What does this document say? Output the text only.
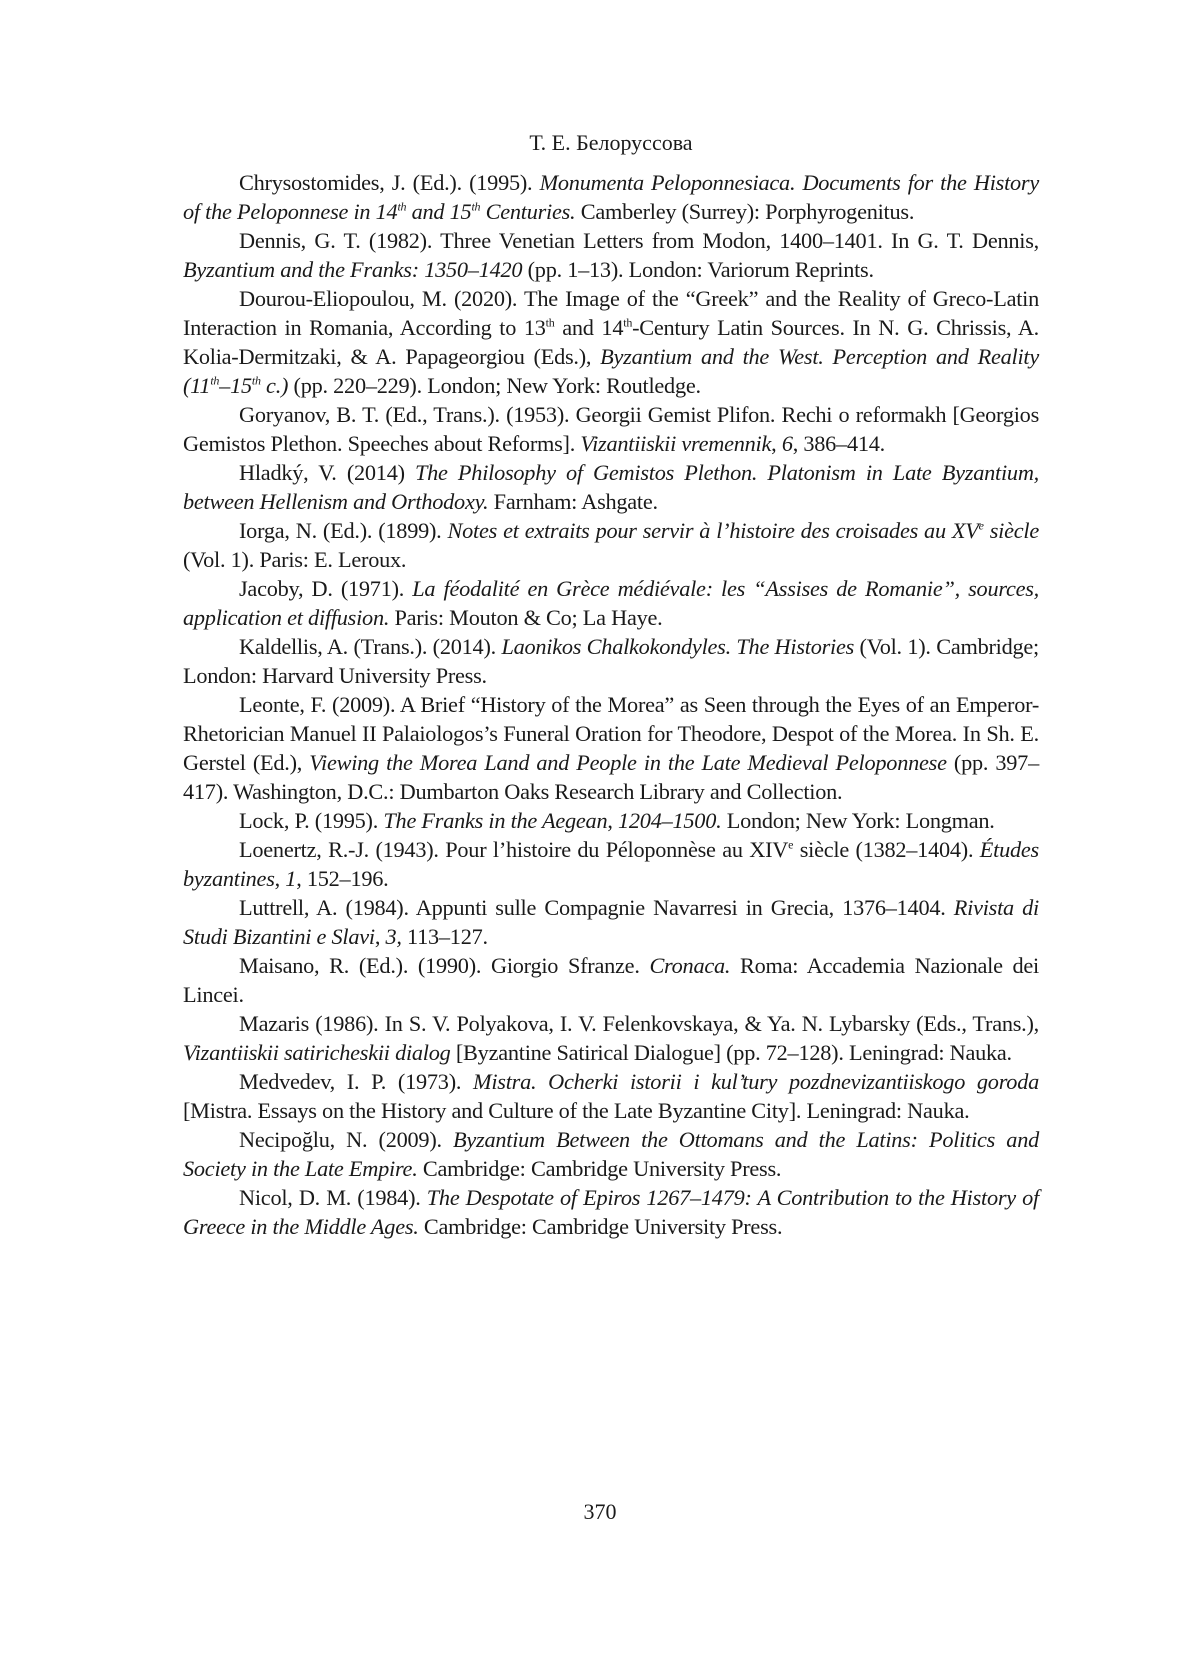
Т. Е. Белоруссова

Chrysostomides, J. (Ed.). (1995). Monumenta Peloponnesiaca. Documents for the History of the Peloponnese in 14th and 15th Centuries. Camberley (Surrey): Porphyrogenitus.

Dennis, G. T. (1982). Three Venetian Letters from Modon, 1400–1401. In G. T. Dennis, Byzantium and the Franks: 1350–1420 (pp. 1–13). London: Variorum Reprints.

Dourou-Eliopoulou, M. (2020). The Image of the “Greek” and the Reality of Greco-Latin Interaction in Romania, According to 13th and 14th-Century Latin Sources. In N. G. Chrissis, A. Kolia-Dermitzaki, & A. Papageorgiou (Eds.), Byzantium and the West. Perception and Reality (11th–15th c.) (pp. 220–229). London; New York: Routledge.

Goryanov, B. T. (Ed., Trans.). (1953). Georgii Gemist Plifon. Rechi o reformakh [Georgios Gemistos Plethon. Speeches about Reforms]. Vizantiiskii vremennik, 6, 386–414.

Hladký, V. (2014) The Philosophy of Gemistos Plethon. Platonism in Late Byzantium, between Hellenism and Orthodoxy. Farnham: Ashgate.

Iorga, N. (Ed.). (1899). Notes et extraits pour servir à l’histoire des croisades au XVe siècle (Vol. 1). Paris: E. Leroux.

Jacoby, D. (1971). La féodalité en Grèce médiévale: les “Assises de Romanie”, sources, application et diffusion. Paris: Mouton & Co; La Haye.

Kaldellis, A. (Trans.). (2014). Laonikos Chalkokondyles. The Histories (Vol. 1). Cambridge; London: Harvard University Press.

Leonte, F. (2009). A Brief “History of the Morea” as Seen through the Eyes of an Emperor-Rhetorician Manuel II Palaiologos’s Funeral Oration for Theodore, Despot of the Morea. In Sh. E. Gerstel (Ed.), Viewing the Morea Land and People in the Late Medieval Peloponnese (pp. 397–417). Washington, D.C.: Dumbarton Oaks Research Library and Collection.

Lock, P. (1995). The Franks in the Aegean, 1204–1500. London; New York: Longman.

Loenertz, R.-J. (1943). Pour l’histoire du Péloponnèse au XIVe siècle (1382–1404). Études byzantines, 1, 152–196.

Luttrell, A. (1984). Appunti sulle Compagnie Navarresi in Grecia, 1376–1404. Rivista di Studi Bizantini e Slavi, 3, 113–127.

Maisano, R. (Ed.). (1990). Giorgio Sfranze. Cronaca. Roma: Accademia Nazionale dei Lincei.

Mazaris (1986). In S. V. Polyakova, I. V. Felenkovskaya, & Ya. N. Lybarsky (Eds., Trans.), Vizantiiskii satiricheskii dialog [Byzantine Satirical Dialogue] (pp. 72–128). Leningrad: Nauka.

Medvedev, I. P. (1973). Mistra. Ocherki istorii i kul’tury pozdnevizantiiskogo goroda [Mistra. Essays on the History and Culture of the Late Byzantine City]. Leningrad: Nauka.

Necipoğlu, N. (2009). Byzantium Between the Ottomans and the Latins: Politics and Society in the Late Empire. Cambridge: Cambridge University Press.

Nicol, D. M. (1984). The Despotate of Epiros 1267–1479: A Contribution to the History of Greece in the Middle Ages. Cambridge: Cambridge University Press.

370
